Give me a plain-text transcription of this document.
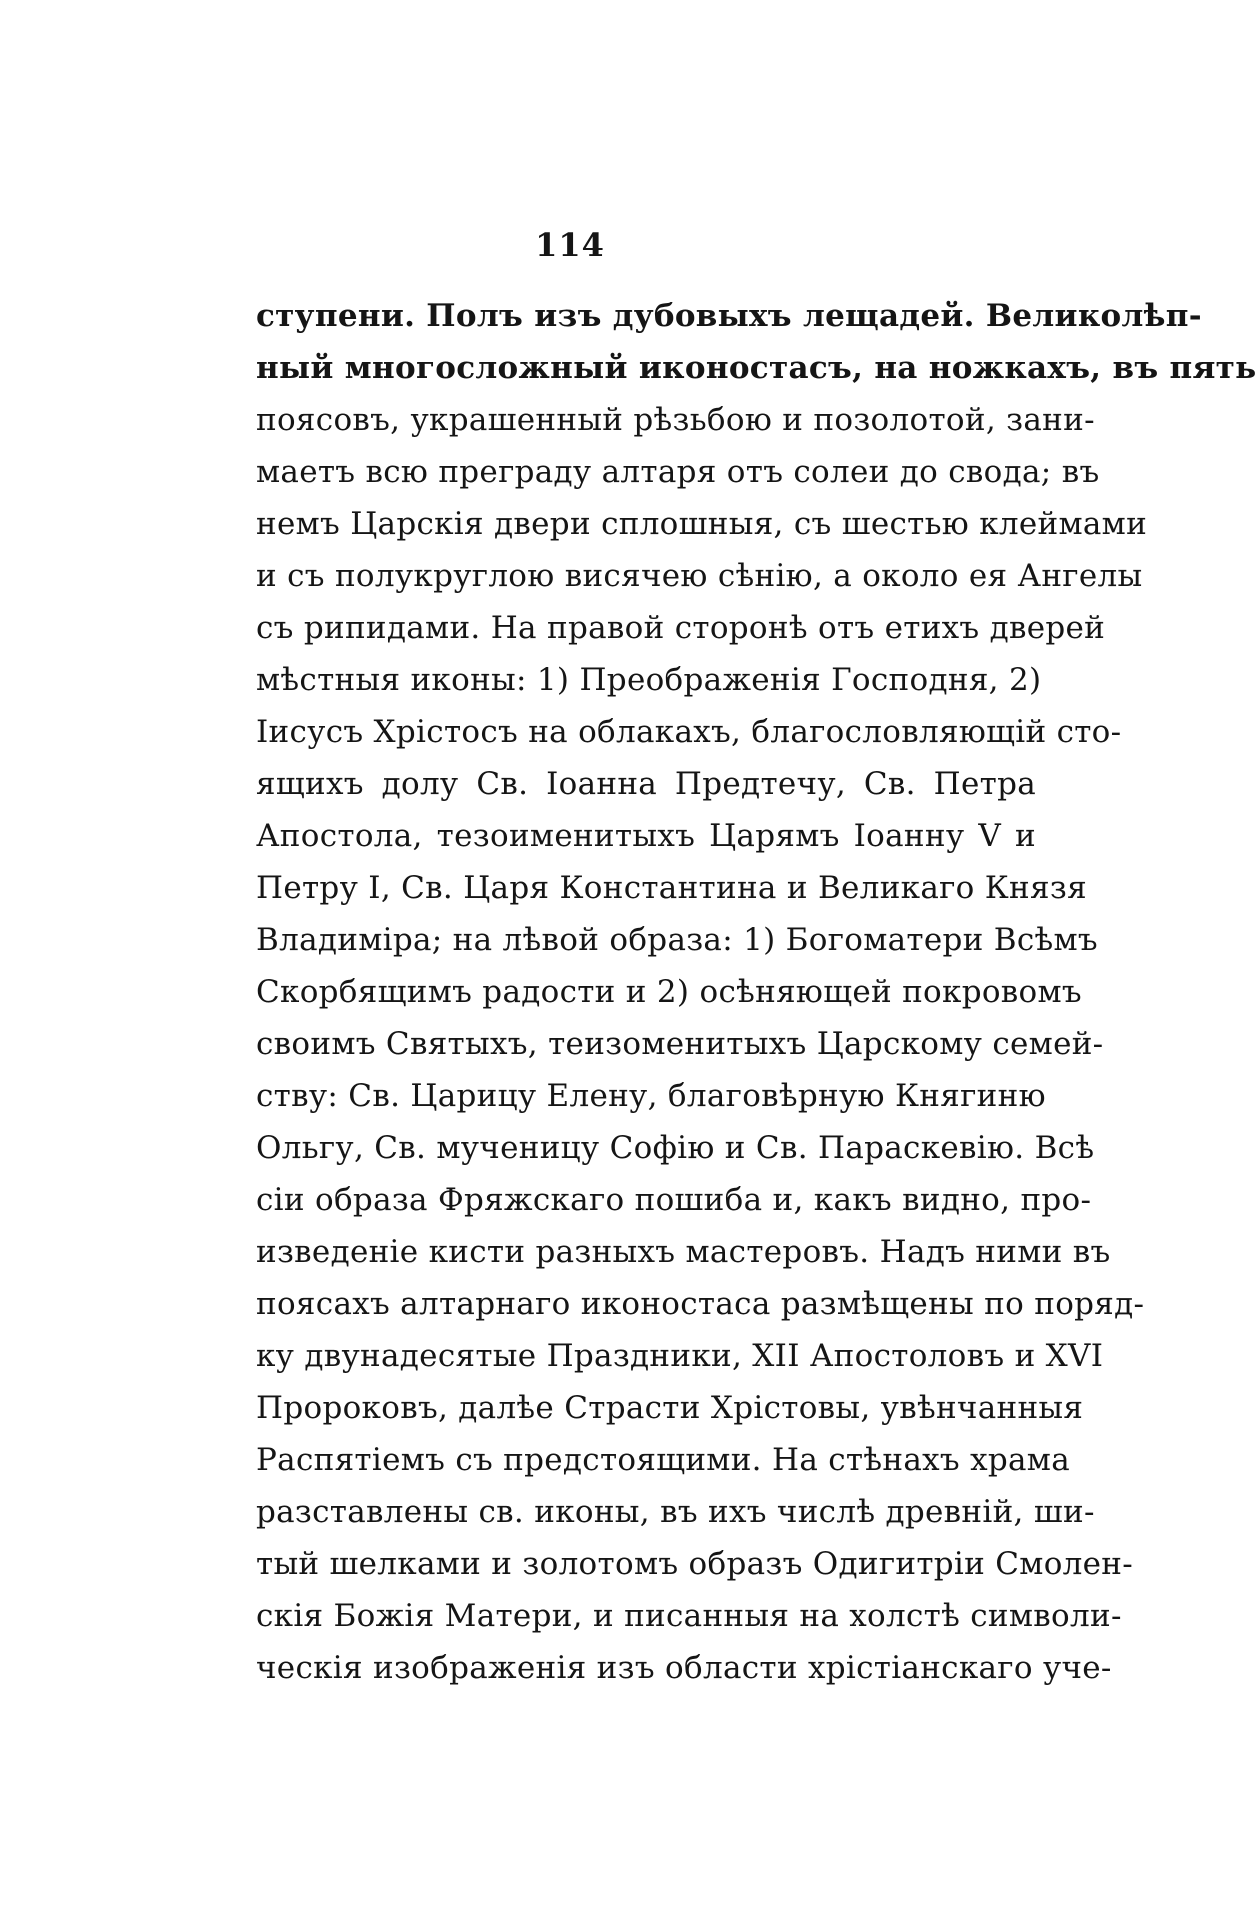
114
ступени. Полъ изъ дубовыхъ лещадей. Великолѣп-
ный многосложный иконостасъ, на ножкахъ, въ пять
поясовъ, украшенный рѣзьбою и позолотой, зани-
маетъ всю преграду алтаря отъ солеи до свода; въ
немъ Царскія двери сплошныя, съ шестью клеймами
и съ полукруглою висячею сѣнію, а около ея Ангелы
съ рипидами. На правой сторонѣ отъ етихъ дверей
мѣстныя иконы: 1) Преображенія Господня, 2)
Iисусъ Хрiстосъ на облакахъ, благословляющій сто-
ящихъ долу Св. Iоанна Предтечу, Св. Петра
Апостола, тезоименитыхъ Царямъ Iоанну V и
Петру I, Св. Царя Константина и Великаго Князя
Владимiра; на лѣвой образа: 1) Богоматери Всѣмъ
Скорбящимъ радости и 2) осѣняющей покровомъ
своимъ Святыхъ, теизоменитыхъ Царскому семей-
ству: Св. Царицу Елену, благовѣрную Княгиню
Ольгу, Св. мученицу Софiю и Св. Параскевiю. Всѣ
сiи образа Фряжскаго пошиба и, какъ видно, про-
изведенiе кисти разныхъ мастеровъ. Надъ ними въ
поясахъ алтарнаго иконостаса размѣщены по поряд-
ку двунадесятые Праздники, XII Апостоловъ и XVI
Пророковъ, далѣе Страсти Хрiстовы, увѣнчанныя
Распятiемъ съ предстоящими. На стѣнахъ храма
разставлены св. иконы, въ ихъ числѣ древній, ши-
тый шелками и золотомъ образъ Одигитрiи Смолен-
скія Божія Матери, и писанныя на холстѣ символи-
ческія изображенія изъ области хрiстiанскаго уче-
